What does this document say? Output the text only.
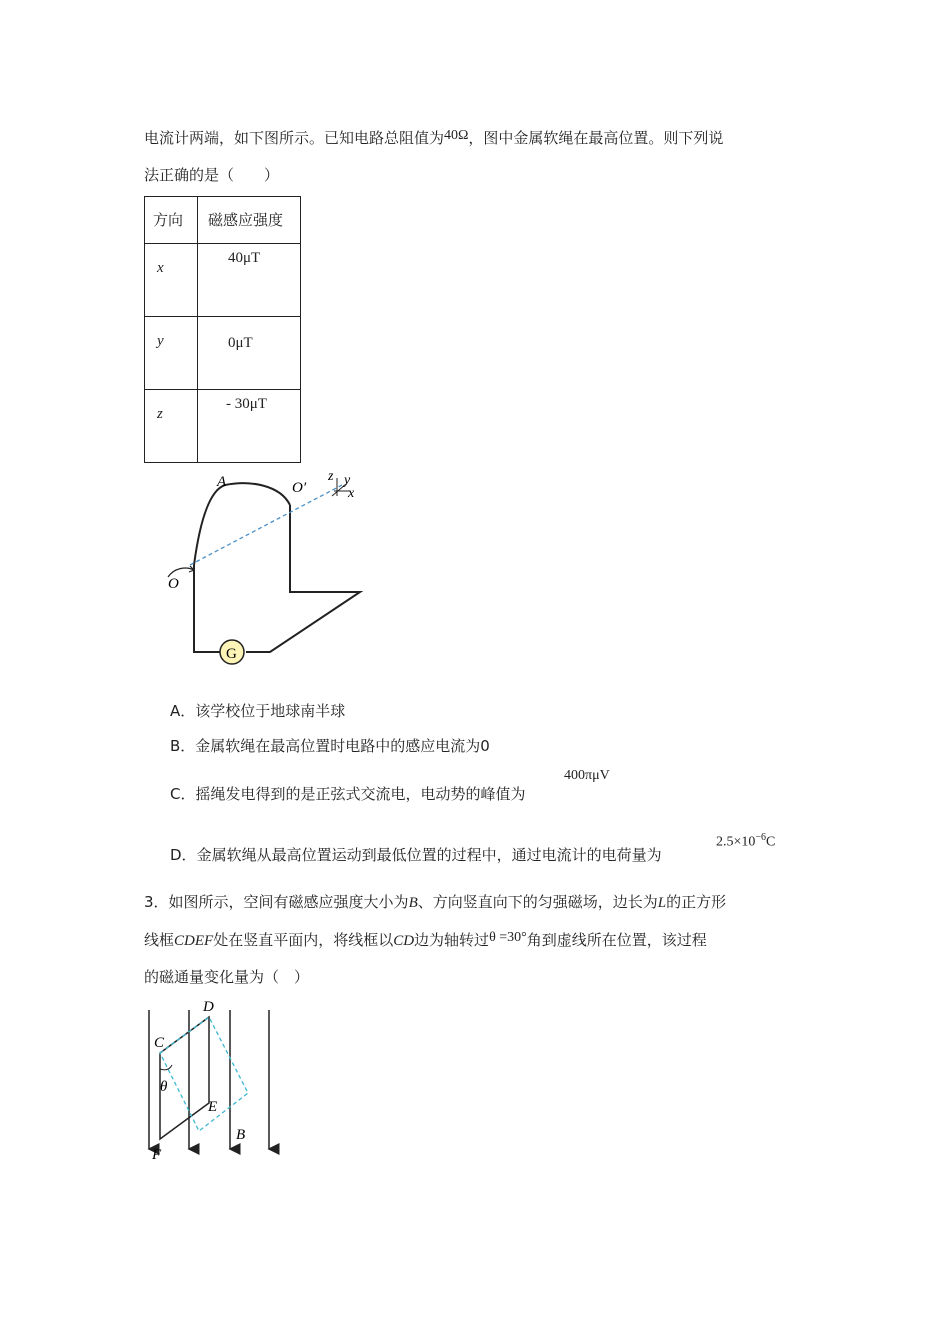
电流计两端，如下图所示。已知电路总阻值为40Ω，图中金属软绳在最高位置。则下列说
法正确的是（　　）
方向	磁感应强度

x	40μT

y	0μT

z	- 30μT
G
A	O′
O
z y
x
A．该学校位于地球南半球
B．金属软绳在最高位置时电路中的感应电流为0
C．摇绳发电得到的是正弦式交流电，电动势的峰值为
400πμV
D．金属软绳从最高位置运动到最低位置的过程中，通过电流计的电荷量为
$2.5\times 10^{-6}C$
3．如图所示，空间有磁感应强度大小为B、方向竖直向下的匀强磁场，边长为L的正方形
线框CDEF处在竖直平面内，将线框以CD边为轴转过θ =30°角到虚线所在位置，该过程
的磁通量变化量为（　）
D
C
θ
E
B
F
